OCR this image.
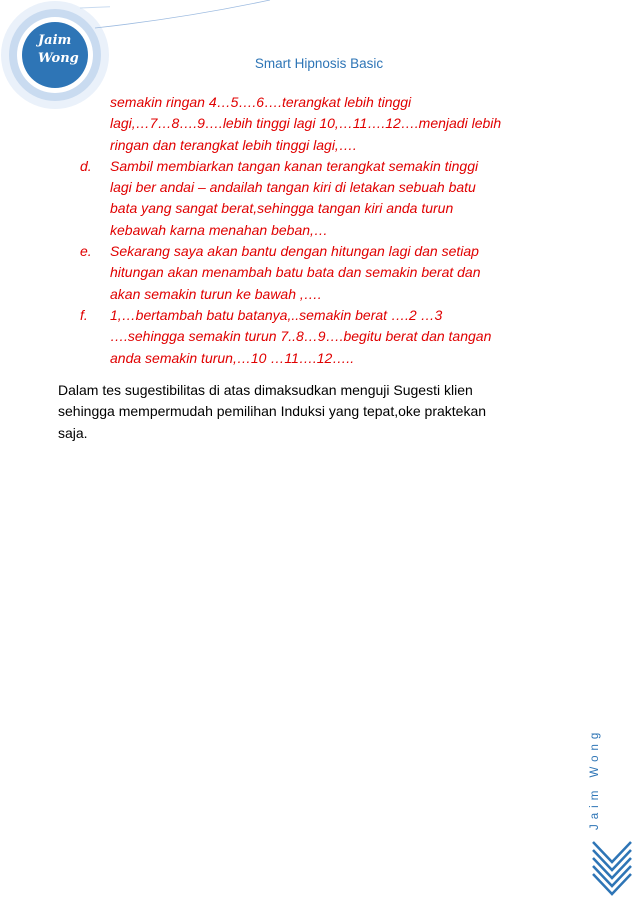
Jaim
Wong	Smart Hipnosis Basic
semakin ringan 4…5….6….terangkat lebih tinggi
lagi,…7…8….9….lebih tinggi lagi 10,…11….12….menjadi lebih
ringan dan terangkat lebih tinggi lagi,….
d. Sambil membiarkan tangan kanan terangkat semakin tinggi
lagi ber andai – andailah tangan kiri di letakan sebuah batu
bata yang sangat berat,sehingga tangan kiri anda turun
kebawah karna menahan beban,…
e. Sekarang saya akan bantu dengan hitungan lagi dan setiap
hitungan akan menambah batu bata dan semakin berat dan
akan semakin turun ke bawah ,….
f. 1,…bertambah batu batanya,..semakin berat ….2 …3
….sehingga semakin turun 7..8…9….begitu berat dan tangan
anda semakin turun,…10 …11….12…..
Dalam tes sugestibilitas di atas dimaksudkan menguji Sugesti klien
sehingga mempermudah pemilihan Induksi yang tepat,oke praktekan
saja.
Jaim Wong
